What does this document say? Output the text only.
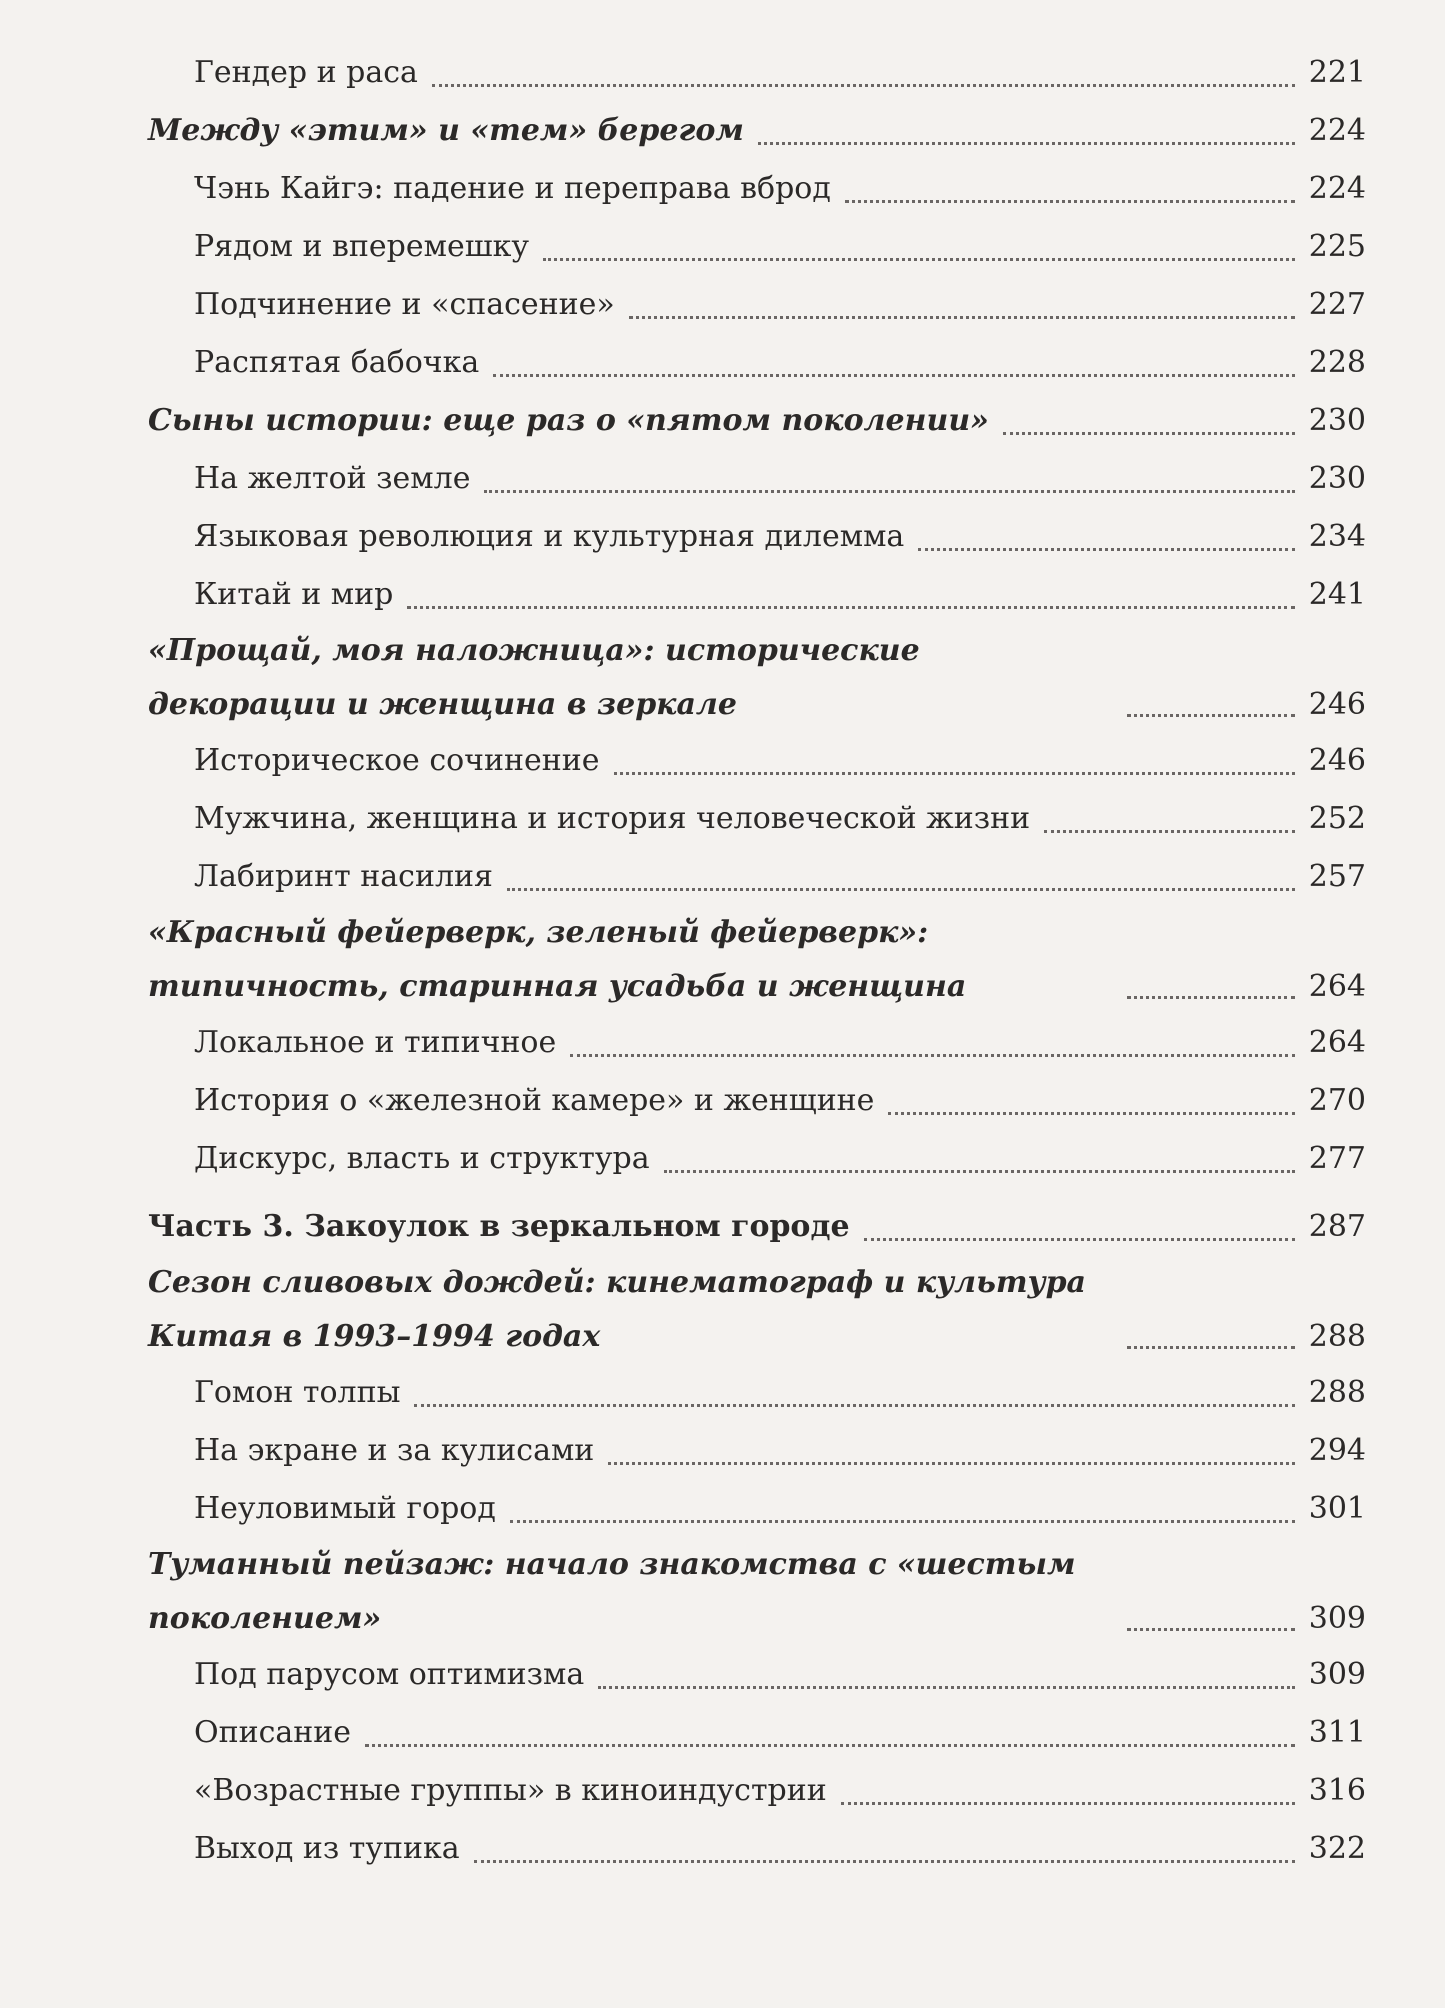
Гендер и раса	221
Между «этим» и «тем» берегом	224
Чэнь Кайгэ: падение и переправа вброд	224
Рядом и вперемешку	225
Подчинение и «спасение»	227
Распятая бабочка	228
Сыны истории: еще раз о «пятом поколении»	230
На желтой земле	230
Языковая революция и культурная дилемма	234
Китай и мир	241
«Прощай, моя наложница»: исторические декорации и женщина в зеркале	246
Историческое сочинение	246
Мужчина, женщина и история человеческой жизни	252
Лабиринт насилия	257
«Красный фейерверк, зеленый фейерверк»: типичность, старинная усадьба и женщина	264
Локальное и типичное	264
История о «железной камере» и женщине	270
Дискурс, власть и структура	277
Часть 3. Закоулок в зеркальном городе	287
Сезон сливовых дождей: кинематограф и культура Китая в 1993–1994 годах	288
Гомон толпы	288
На экране и за кулисами	294
Неуловимый город	301
Туманный пейзаж: начало знакомства с «шестым поколением»	309
Под парусом оптимизма	309
Описание	311
«Возрастные группы» в киноиндустрии	316
Выход из тупика	322
